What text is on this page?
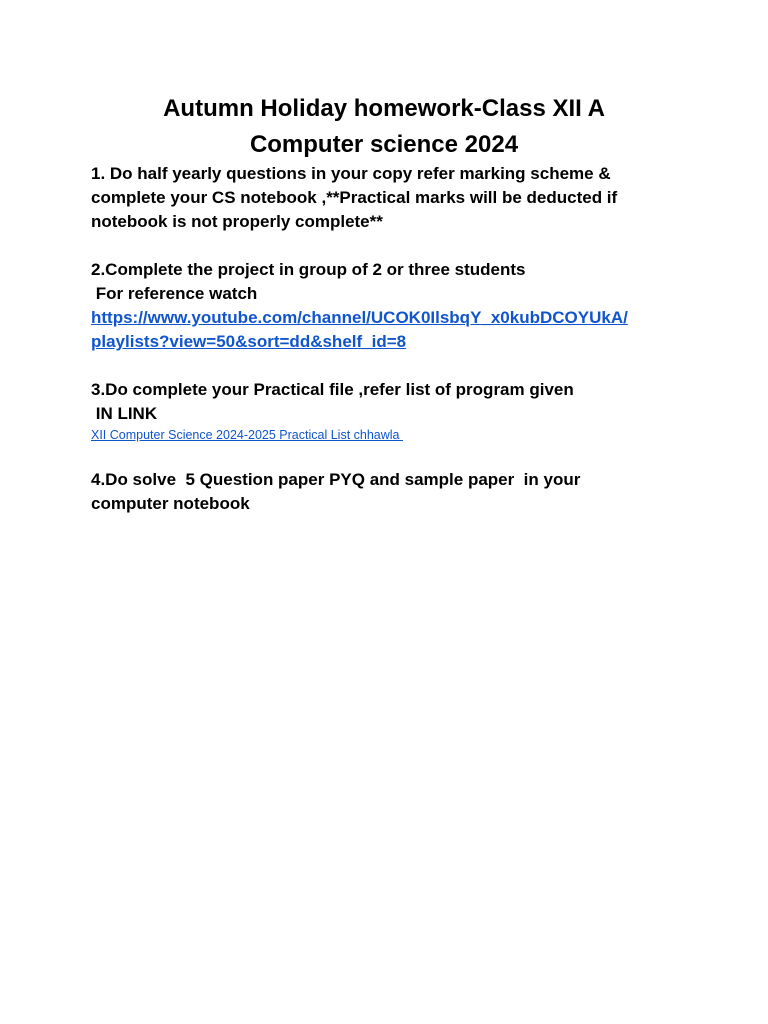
Autumn Holiday homework-Class XII A
Computer science 2024

1. Do half yearly questions in your copy refer marking scheme &

complete your CS notebook ,**Practical marks will be deducted if

notebook is not properly complete**

2.Complete the project in group of 2 or three students

For reference watch

https://www.youtube.com/channel/UCOK0IlsbqY_x0kubDCOYUkA/
playlists?view=50&sort=dd&shelf_id=8

3.Do complete your Practical file ,refer list of program given

IN LINK

XII Computer Science 2024-2025 Practical List chhawla

4.Do solve  5 Question paper PYQ and sample paper  in your

computer notebook
